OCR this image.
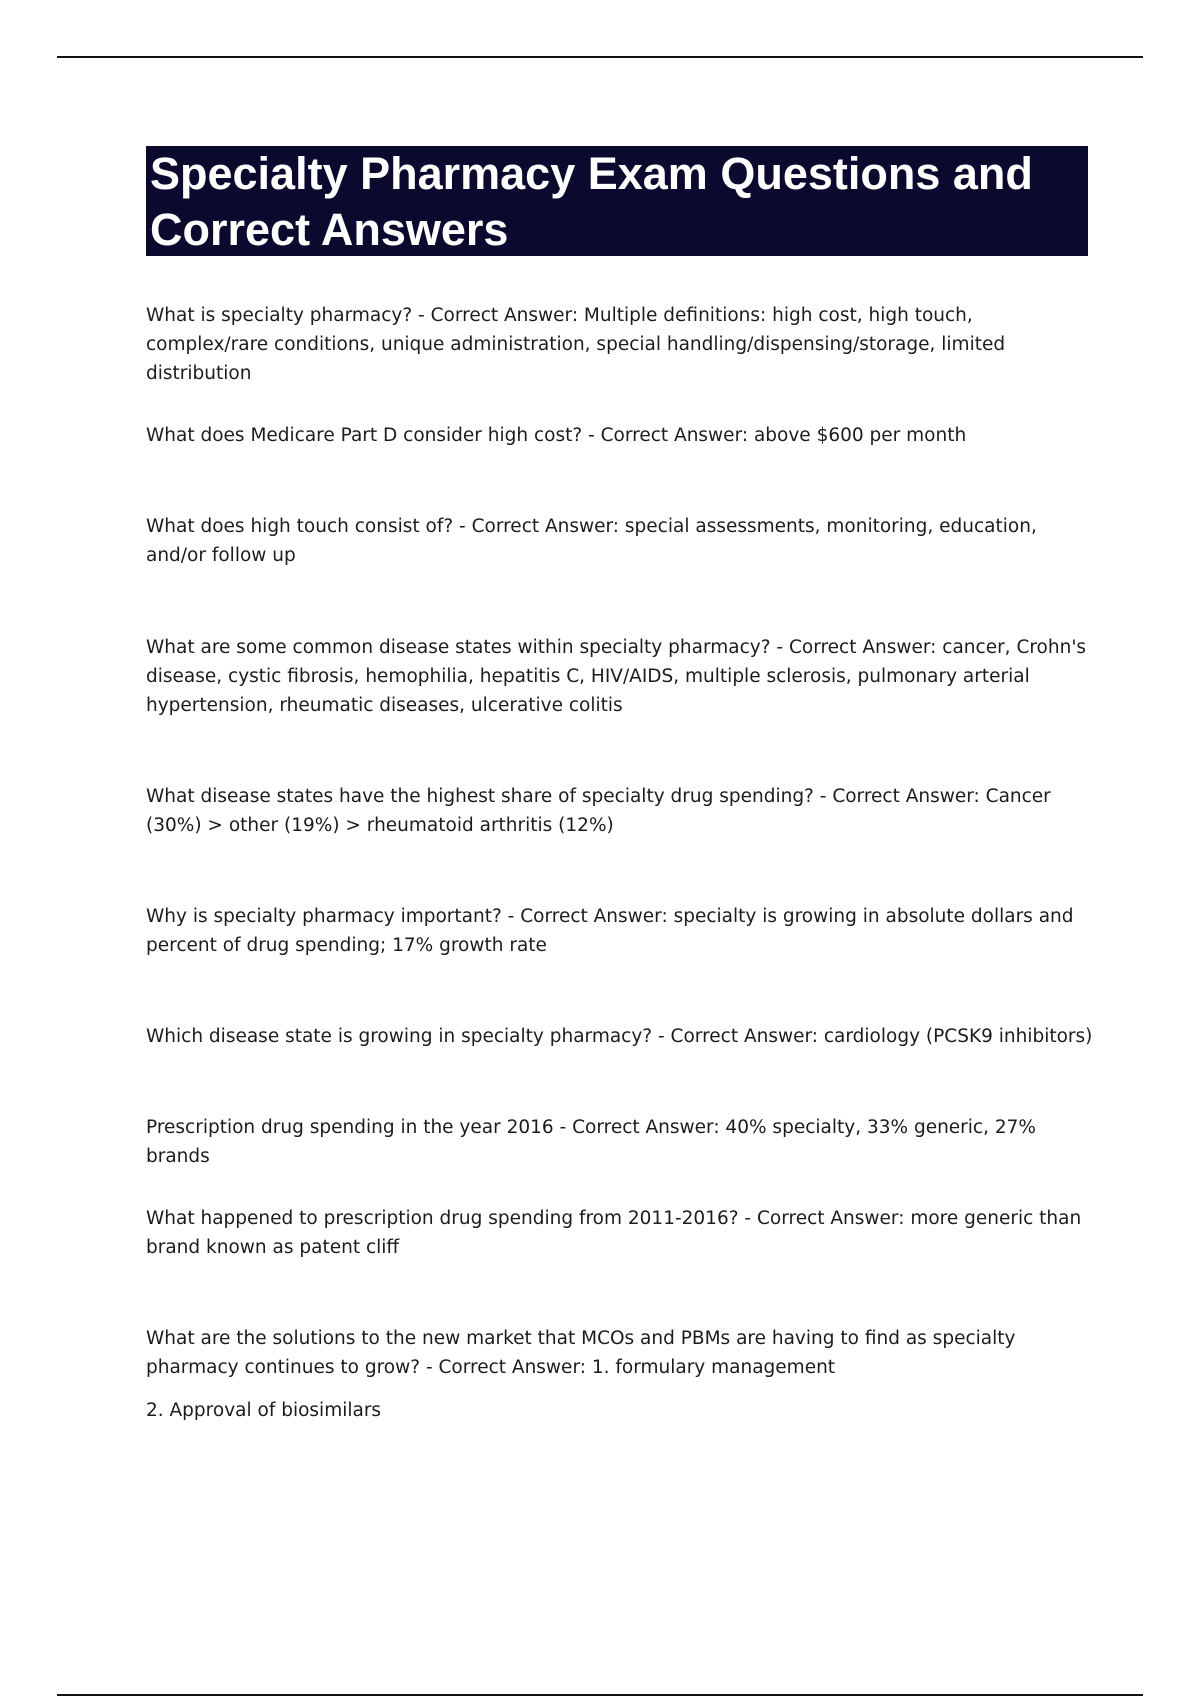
Specialty Pharmacy Exam Questions and Correct Answers

What is specialty pharmacy? - Correct Answer: Multiple definitions: high cost, high touch, complex/rare conditions, unique administration, special handling/dispensing/storage, limited distribution

What does Medicare Part D consider high cost? - Correct Answer: above $600 per month

What does high touch consist of? - Correct Answer: special assessments, monitoring, education, and/or follow up

What are some common disease states within specialty pharmacy? - Correct Answer: cancer, Crohn's disease, cystic fibrosis, hemophilia, hepatitis C, HIV/AIDS, multiple sclerosis, pulmonary arterial hypertension, rheumatic diseases, ulcerative colitis

What disease states have the highest share of specialty drug spending? - Correct Answer: Cancer (30%) > other (19%) > rheumatoid arthritis (12%)

Why is specialty pharmacy important? - Correct Answer: specialty is growing in absolute dollars and percent of drug spending; 17% growth rate

Which disease state is growing in specialty pharmacy? - Correct Answer: cardiology (PCSK9 inhibitors)

Prescription drug spending in the year 2016 - Correct Answer: 40% specialty, 33% generic, 27% brands

What happened to prescription drug spending from 2011-2016? - Correct Answer: more generic than brand known as patent cliff

What are the solutions to the new market that MCOs and PBMs are having to find as specialty pharmacy continues to grow? - Correct Answer: 1. formulary management

2. Approval of biosimilars
